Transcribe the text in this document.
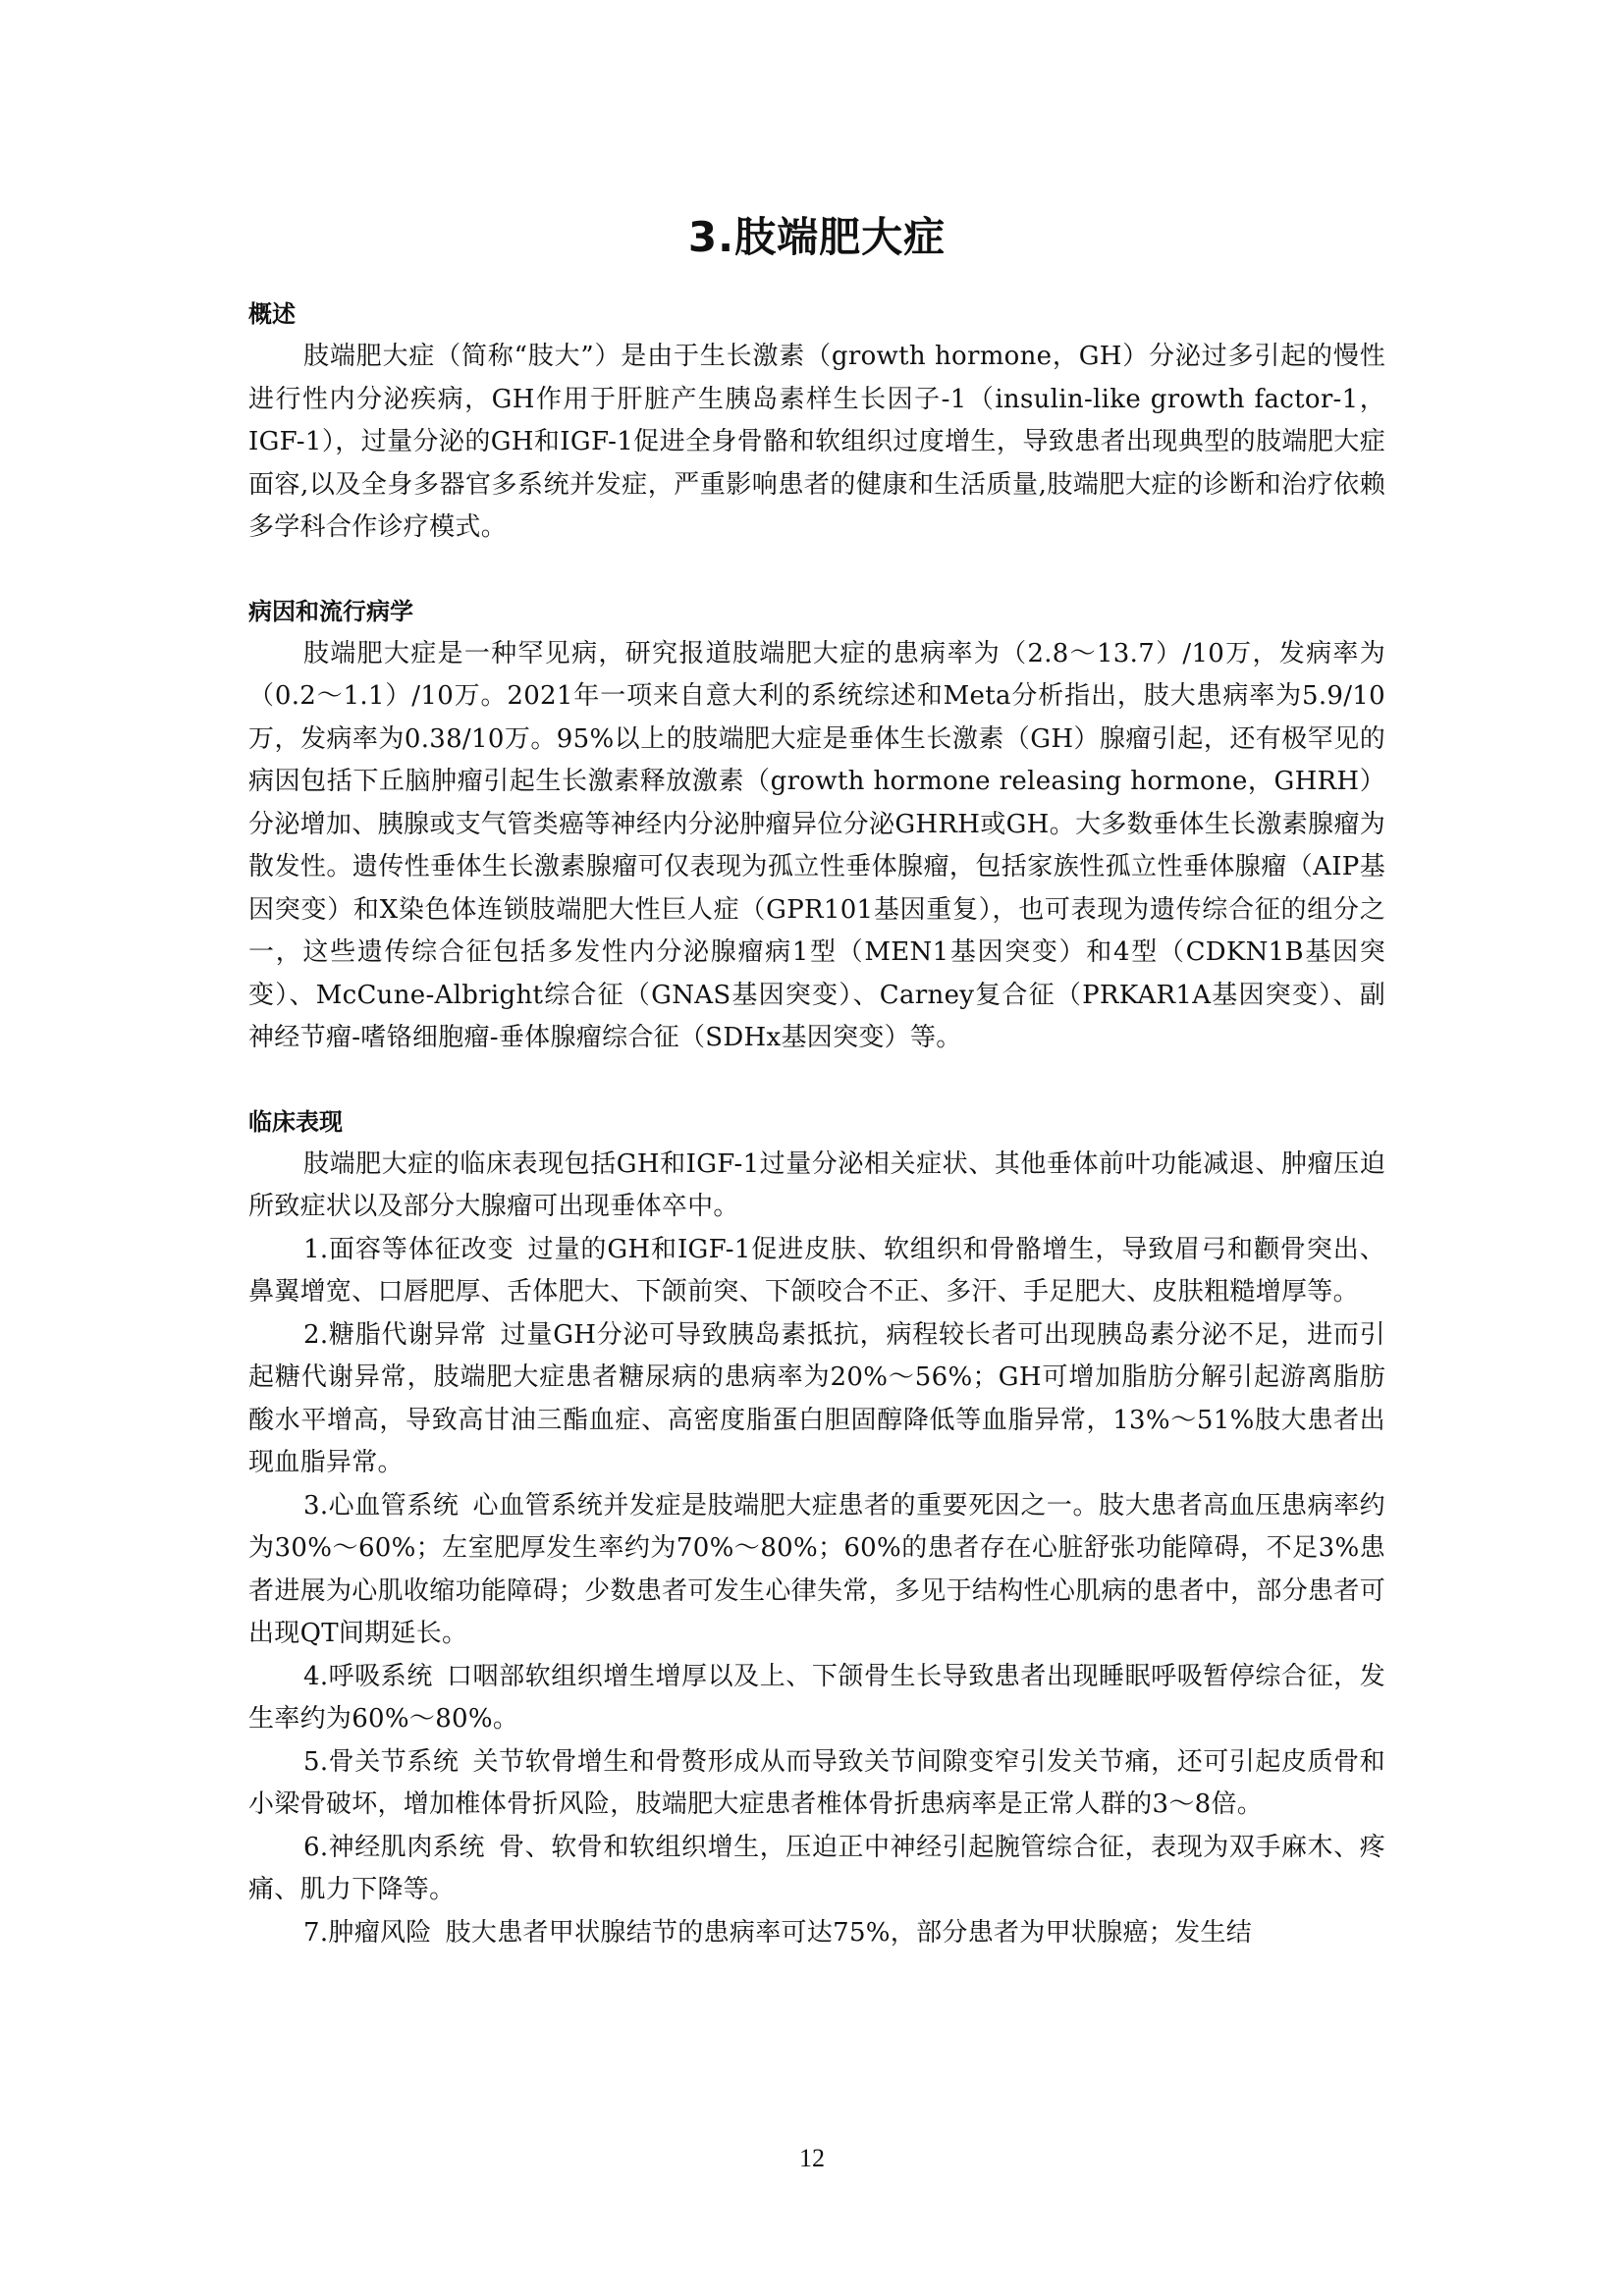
3.肢端肥大症
概述

肢端肥大症（简称“肢大”）是由于生长激素（growth hormone，GH）分泌过多引起的慢性进行性内分泌疾病，GH作用于肝脏产生胰岛素样生长因子-1（insulin-like growth factor-1，IGF-1），过量分泌的GH和IGF-1促进全身骨骼和软组织过度增生，导致患者出现典型的肢端肥大症面容,以及全身多器官多系统并发症，严重影响患者的健康和生活质量,肢端肥大症的诊断和治疗依赖多学科合作诊疗模式。

病因和流行病学

肢端肥大症是一种罕见病，研究报道肢端肥大症的患病率为（2.8～13.7）/10万，发病率为（0.2～1.1）/10万。2021年一项来自意大利的系统综述和Meta分析指出，肢大患病率为5.9/10万，发病率为0.38/10万。95%以上的肢端肥大症是垂体生长激素（GH）腺瘤引起，还有极罕见的病因包括下丘脑肿瘤引起生长激素释放激素（growth hormone releasing hormone，GHRH）分泌增加、胰腺或支气管类癌等神经内分泌肿瘤异位分泌GHRH或GH。大多数垂体生长激素腺瘤为散发性。遗传性垂体生长激素腺瘤可仅表现为孤立性垂体腺瘤，包括家族性孤立性垂体腺瘤（AIP基因突变）和X染色体连锁肢端肥大性巨人症（GPR101基因重复），也可表现为遗传综合征的组分之一，这些遗传综合征包括多发性内分泌腺瘤病1型（MEN1基因突变）和4型（CDKN1B基因突变）、McCune-Albright综合征（GNAS基因突变）、Carney复合征（PRKAR1A基因突变）、副神经节瘤-嗜铬细胞瘤-垂体腺瘤综合征（SDHx基因突变）等。

临床表现

肢端肥大症的临床表现包括GH和IGF-1过量分泌相关症状、其他垂体前叶功能减退、肿瘤压迫所致症状以及部分大腺瘤可出现垂体卒中。

1.面容等体征改变 过量的GH和IGF-1促进皮肤、软组织和骨骼增生，导致眉弓和颧骨突出、鼻翼增宽、口唇肥厚、舌体肥大、下颌前突、下颌咬合不正、多汗、手足肥大、皮肤粗糙增厚等。

2.糖脂代谢异常 过量GH分泌可导致胰岛素抵抗，病程较长者可出现胰岛素分泌不足，进而引起糖代谢异常，肢端肥大症患者糖尿病的患病率为20%～56%；GH可增加脂肪分解引起游离脂肪酸水平增高，导致高甘油三酯血症、高密度脂蛋白胆固醇降低等血脂异常，13%～51%肢大患者出现血脂异常。

3.心血管系统 心血管系统并发症是肢端肥大症患者的重要死因之一。肢大患者高血压患病率约为30%～60%；左室肥厚发生率约为70%～80%；60%的患者存在心脏舒张功能障碍，不足3%患者进展为心肌收缩功能障碍；少数患者可发生心律失常，多见于结构性心肌病的患者中，部分患者可出现QT间期延长。

4.呼吸系统 口咽部软组织增生增厚以及上、下颌骨生长导致患者出现睡眠呼吸暂停综合征，发生率约为60%～80%。

5.骨关节系统 关节软骨增生和骨赘形成从而导致关节间隙变窄引发关节痛，还可引起皮质骨和小梁骨破坏，增加椎体骨折风险，肢端肥大症患者椎体骨折患病率是正常人群的3～8倍。

6.神经肌肉系统 骨、软骨和软组织增生，压迫正中神经引起腕管综合征，表现为双手麻木、疼痛、肌力下降等。

7.肿瘤风险 肢大患者甲状腺结节的患病率可达75%，部分患者为甲状腺癌；发生结

12
